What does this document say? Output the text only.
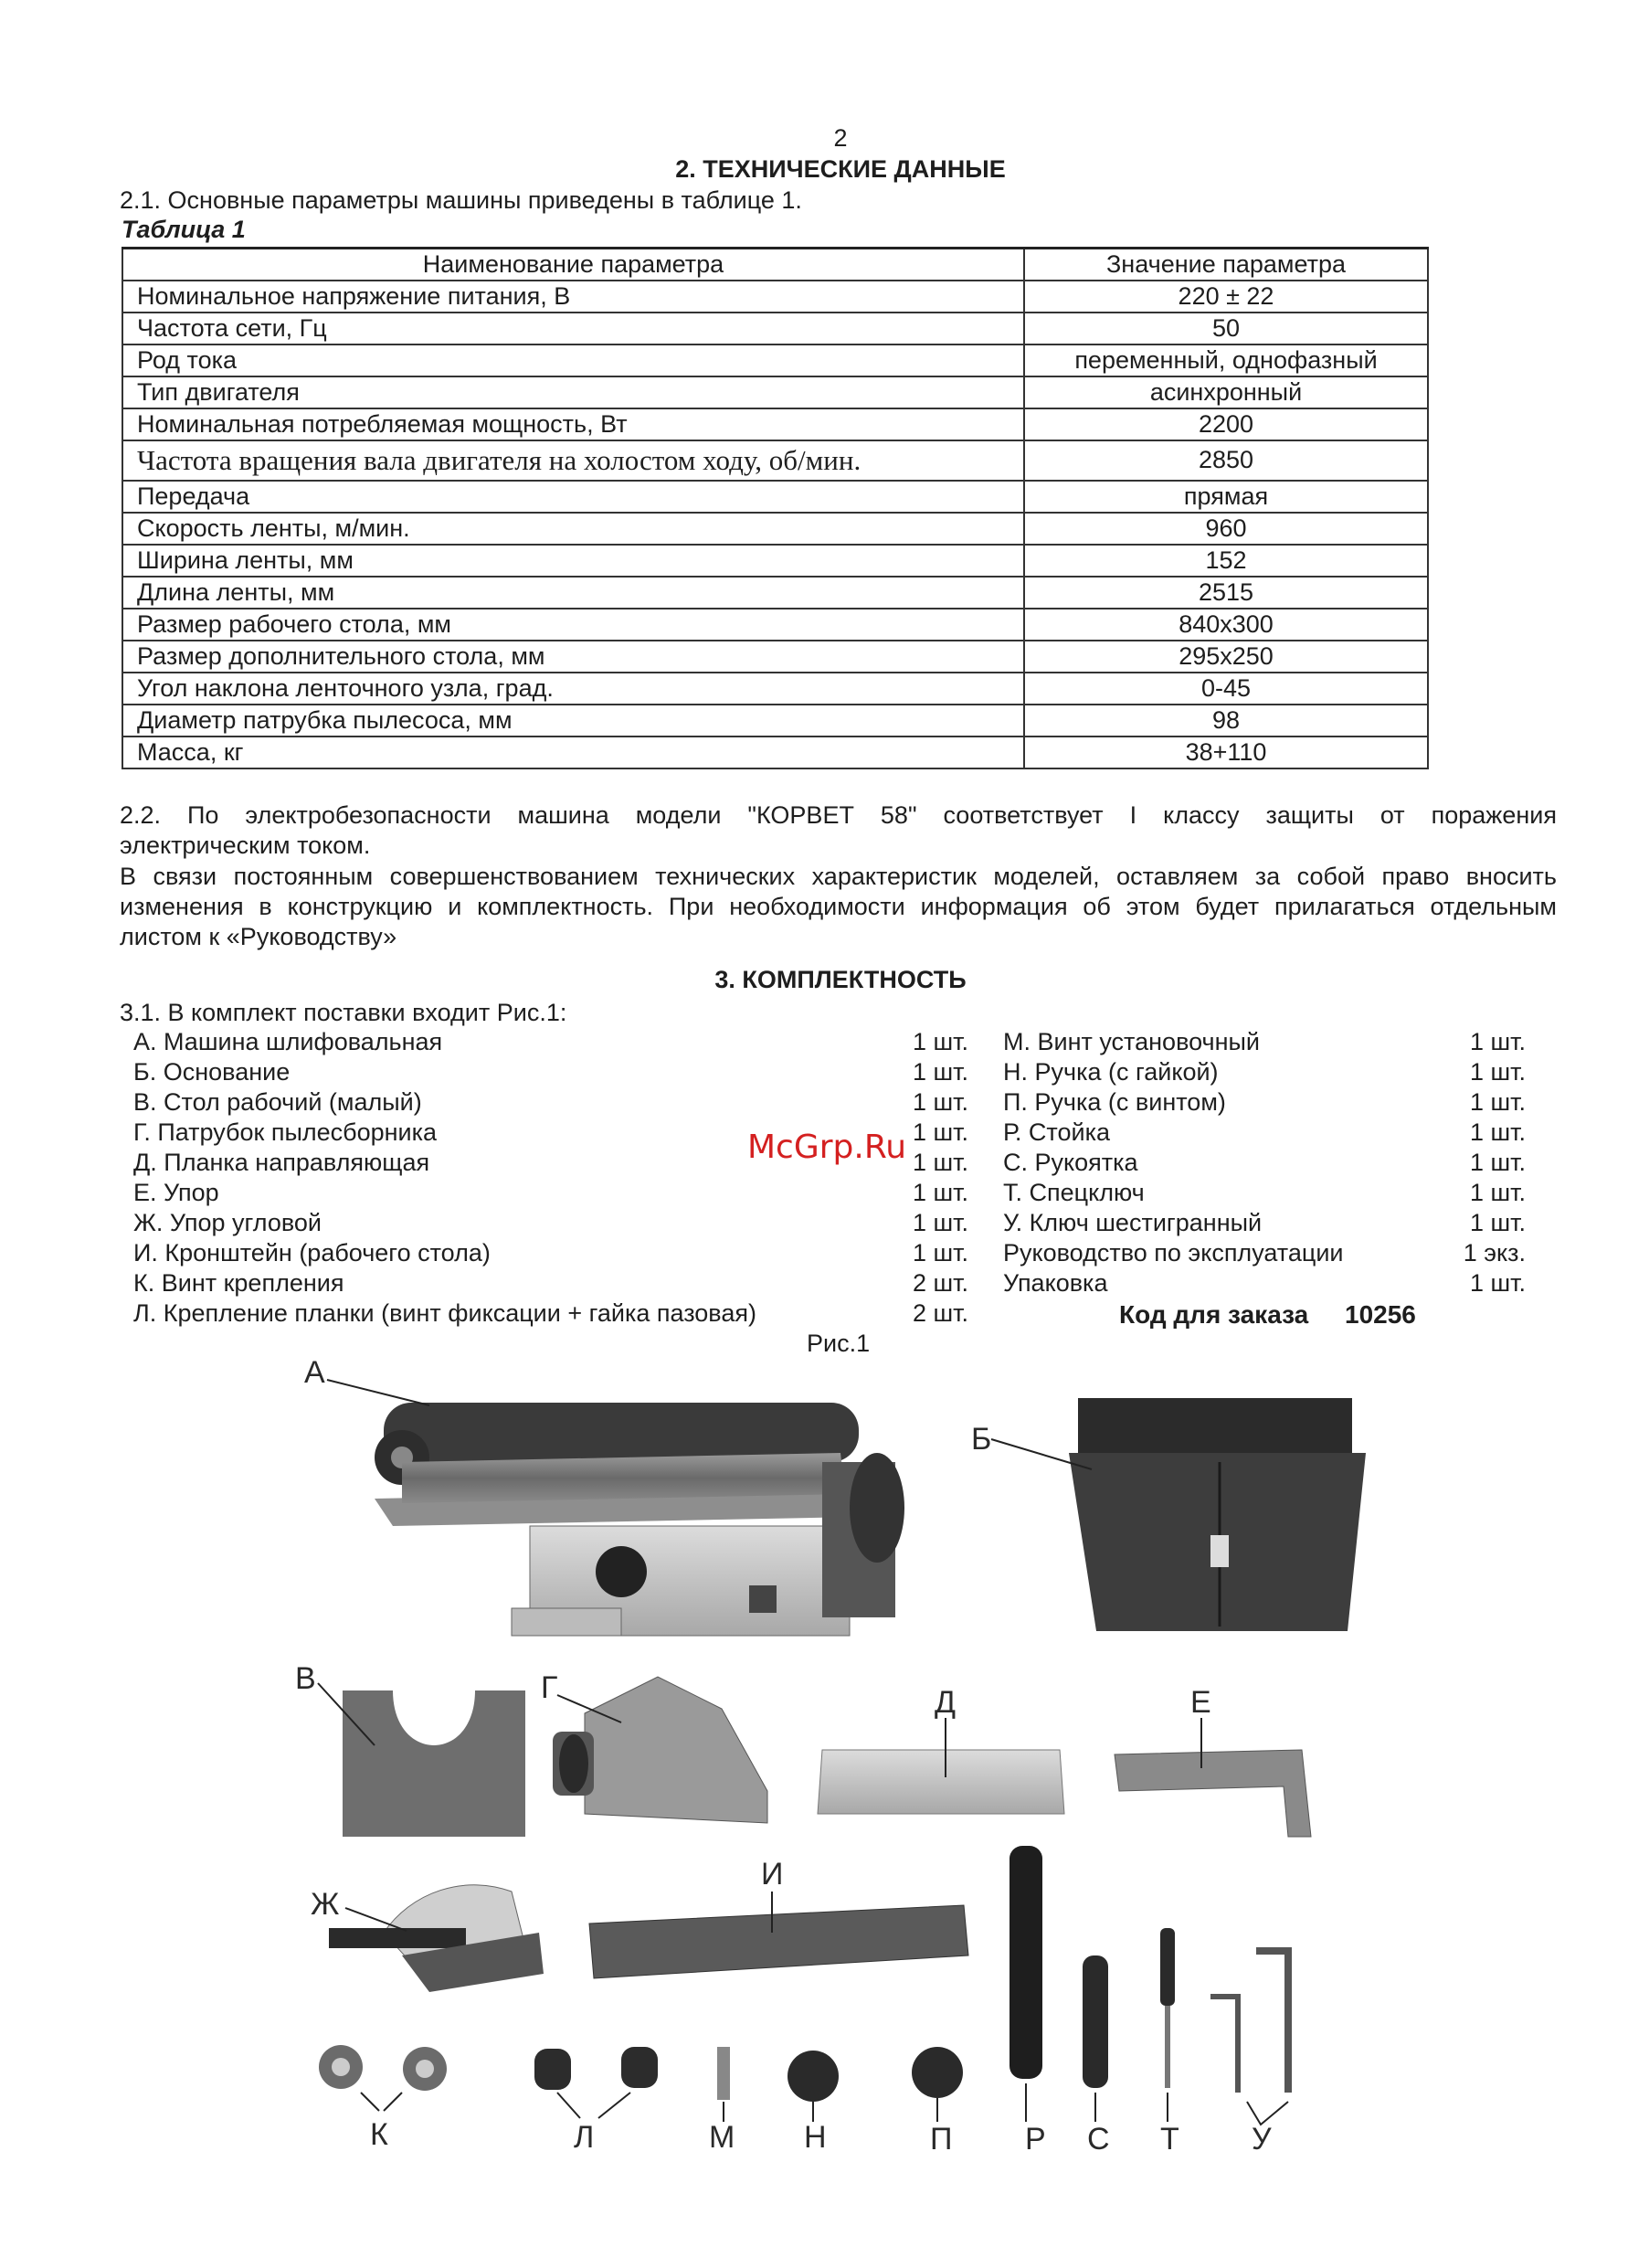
2
2. ТЕХНИЧЕСКИЕ ДАННЫЕ
2.1. Основные параметры машины приведены в таблице 1.
Таблица 1
Наименование параметра	Значение параметра
Номинальное напряжение питания, В	220 ± 22
Частота сети, Гц	50
Род тока	переменный, однофазный
Тип двигателя	асинхронный
Номинальная потребляемая мощность, Вт	2200
Частота вращения вала двигателя на холостом ходу, об/мин.	2850
Передача	прямая
Скорость ленты, м/мин.	960
Ширина ленты, мм	152
Длина ленты, мм	2515
Размер рабочего стола, мм	840x300
Размер дополнительного стола, мм	295x250
Угол наклона ленточного узла, град.	0-45
Диаметр патрубка пылесоса, мм	98
Масса, кг	38+110
2.2. По электробезопасности машина модели "КОРВЕТ 58" соответствует I классу защиты от поражения
электрическим током.
В связи постоянным совершенствованием технических характеристик моделей, оставляем за собой право вносить
изменения в конструкцию и комплектность. При необходимости информация об этом будет прилагаться отдельным
листом к «Руководству»
3. КОМПЛЕКТНОСТЬ
3.1. В комплект поставки входит Рис.1:
А. Машина шлифовальная	1 шт.
Б. Основание	1 шт.
В. Стол рабочий (малый)	1 шт.
Г. Патрубок пылесборника	1 шт.
Д. Планка направляющая	1 шт.
Е. Упор	1 шт.
Ж. Упор угловой	1 шт.
И. Кронштейн (рабочего стола)	1 шт.
К. Винт крепления	2 шт.
Л. Крепление планки (винт фиксации + гайка пазовая)	2 шт.
М. Винт установочный	1 шт.
Н. Ручка (с гайкой)	1 шт.
П. Ручка (с винтом)	1 шт.
Р. Стойка	1 шт.
С. Рукоятка	1 шт.
Т. Спецключ	1 шт.
У. Ключ шестигранный	1 шт.
Руководство по эксплуатации	1 экз.
Упаковка	1 шт.
Код для заказа 10256
McGrp.Ru
Рис.1
А
Б
В	Г	Д	Е
Ж
И
К	Л	М Н	П Р С Т У
